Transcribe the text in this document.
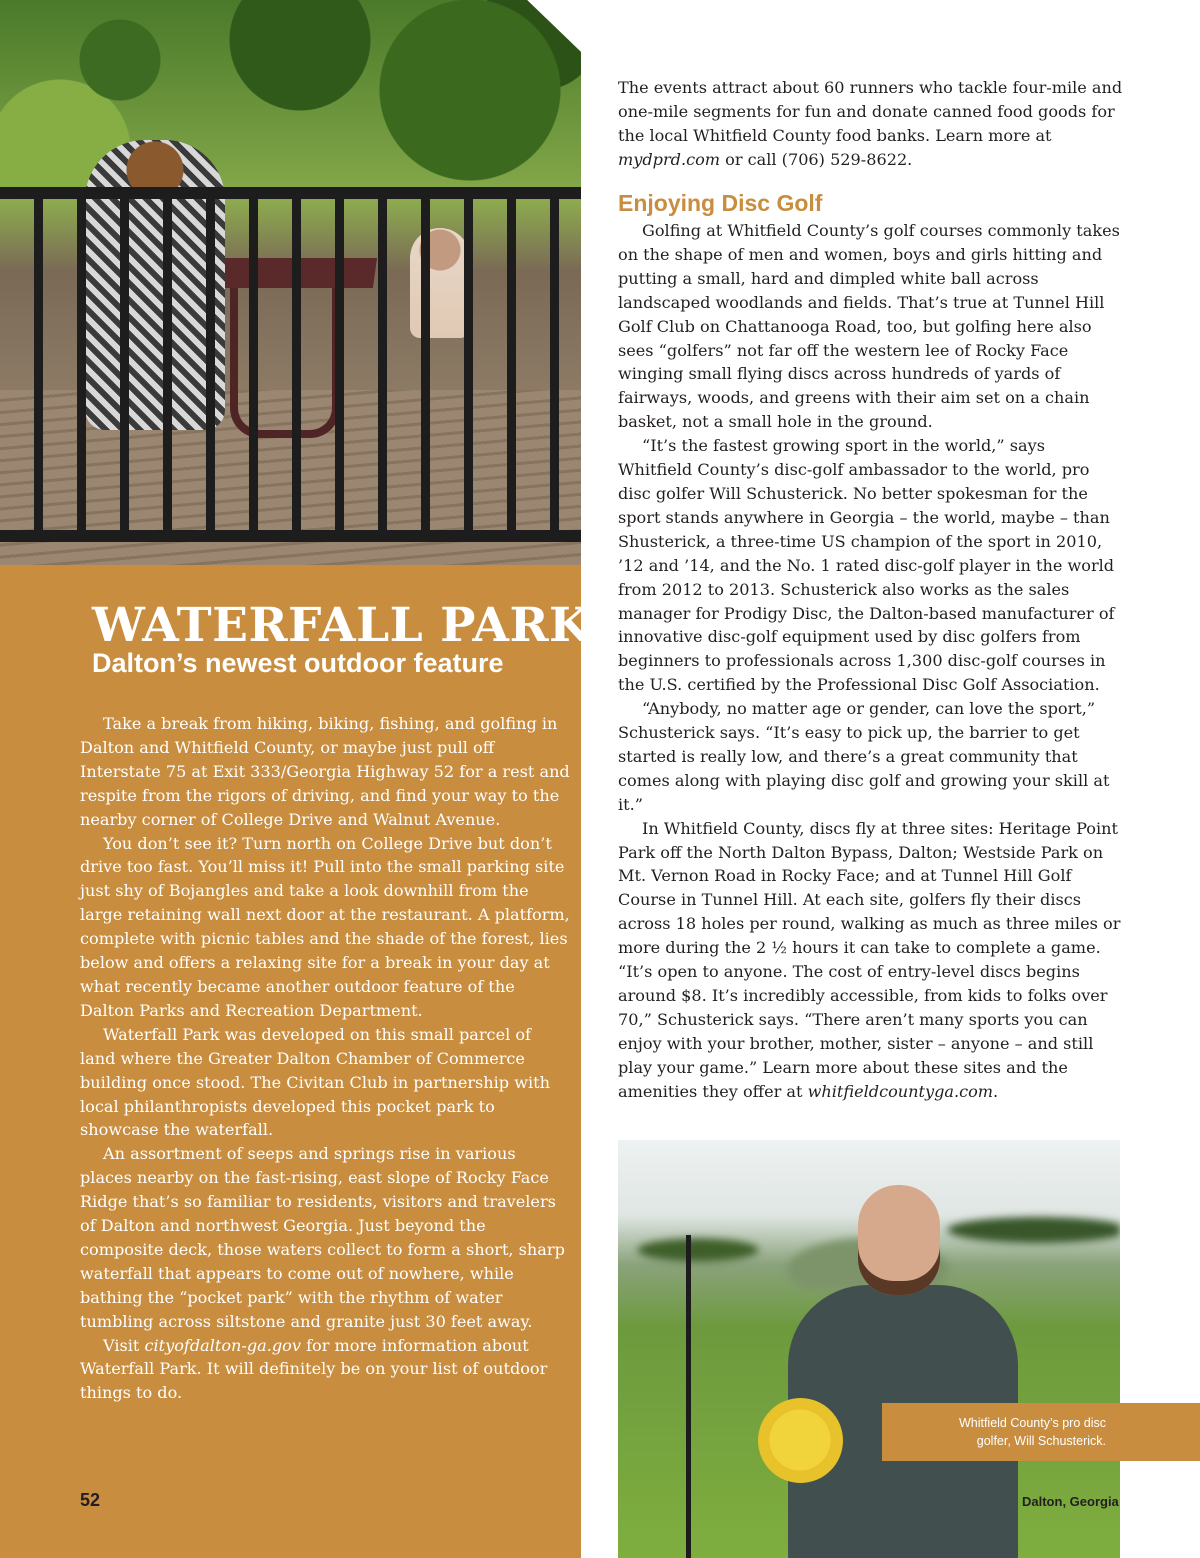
WATERFALL PARK
Dalton’s newest outdoor feature

Take a break from hiking, biking, fishing, and golfing in Dalton and Whitfield County, or maybe just pull off Interstate 75 at Exit 333/Georgia Highway 52 for a rest and respite from the rigors of driving, and find your way to the nearby corner of College Drive and Walnut Avenue.

You don’t see it? Turn north on College Drive but don’t drive too fast. You’ll miss it! Pull into the small parking site just shy of Bojangles and take a look downhill from the large retaining wall next door at the restaurant. A platform, complete with picnic tables and the shade of the forest, lies below and offers a relaxing site for a break in your day at what recently became another outdoor feature of the Dalton Parks and Recreation Department.

Waterfall Park was developed on this small parcel of land where the Greater Dalton Chamber of Commerce building once stood. The Civitan Club in partnership with local philanthropists developed this pocket park to showcase the waterfall.

An assortment of seeps and springs rise in various places nearby on the fast-rising, east slope of Rocky Face Ridge that’s so familiar to residents, visitors and travelers of Dalton and northwest Georgia. Just beyond the composite deck, those waters collect to form a short, sharp waterfall that appears to come out of nowhere, while bathing the “pocket park” with the rhythm of water tumbling across siltstone and granite just 30 feet away.

Visit cityofdalton-ga.gov for more information about Waterfall Park. It will definitely be on your list of outdoor things to do.

52

The events attract about 60 runners who tackle four-mile and one-mile segments for fun and donate canned food goods for the local Whitfield County food banks. Learn more at mydprd.com or call (706) 529-8622.

Enjoying Disc Golf

Golfing at Whitfield County’s golf courses commonly takes on the shape of men and women, boys and girls hitting and putting a small, hard and dimpled white ball across landscaped woodlands and fields. That’s true at Tunnel Hill Golf Club on Chattanooga Road, too, but golfing here also sees “golfers” not far off the western lee of Rocky Face winging small flying discs across hundreds of yards of fairways, woods, and greens with their aim set on a chain basket, not a small hole in the ground.

“It’s the fastest growing sport in the world,” says Whitfield County’s disc-golf ambassador to the world, pro disc golfer Will Schusterick. No better spokesman for the sport stands anywhere in Georgia – the world, maybe – than Shusterick, a three-time US champion of the sport in 2010, ’12 and ’14, and the No. 1 rated disc-golf player in the world from 2012 to 2013. Schusterick also works as the sales manager for Prodigy Disc, the Dalton-based manufacturer of innovative disc-golf equipment used by disc golfers from beginners to professionals across 1,300 disc-golf courses in the U.S. certified by the Professional Disc Golf Association.

“Anybody, no matter age or gender, can love the sport,” Schusterick says. “It’s easy to pick up, the barrier to get started is really low, and there’s a great community that comes along with playing disc golf and growing your skill at it.”

In Whitfield County, discs fly at three sites: Heritage Point Park off the North Dalton Bypass, Dalton; Westside Park on Mt. Vernon Road in Rocky Face; and at Tunnel Hill Golf Course in Tunnel Hill. At each site, golfers fly their discs across 18 holes per round, walking as much as three miles or more during the 2 ½ hours it can take to complete a game. “It’s open to anyone. The cost of entry-level discs begins around $8. It’s incredibly accessible, from kids to folks over 70,” Schusterick says. “There aren’t many sports you can enjoy with your brother, mother, sister – anyone – and still play your game.” Learn more about these sites and the amenities they offer at whitfieldcountyga.com.

Whitfield County’s pro disc
golfer, Will Schusterick.
Dalton, Georgia
